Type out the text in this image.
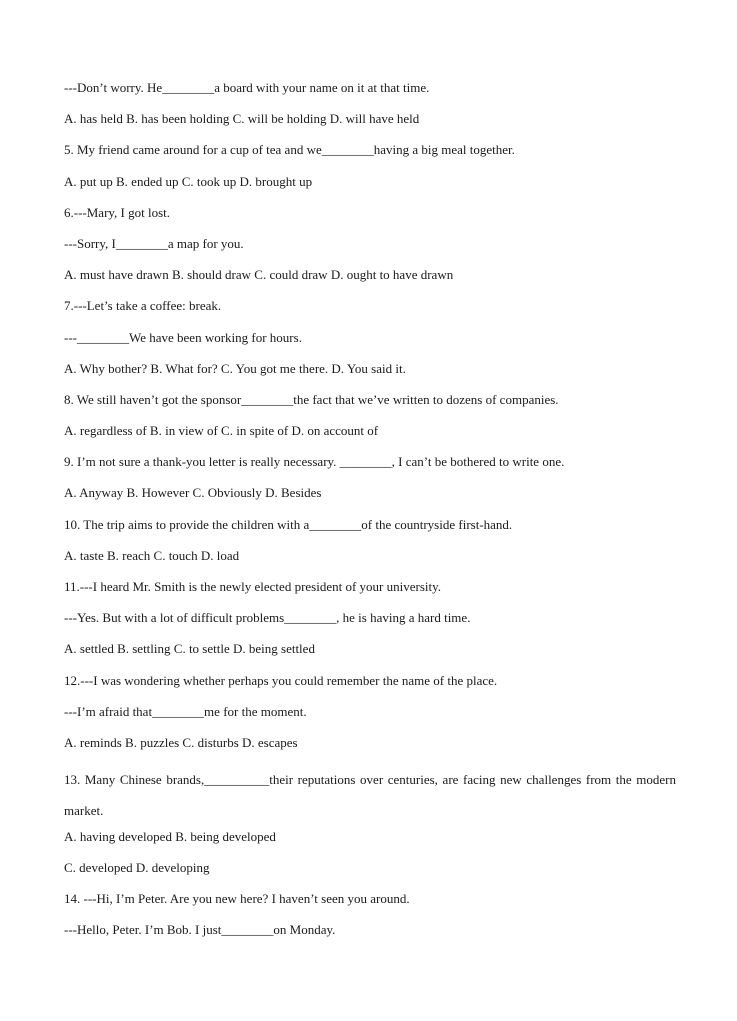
---Don’t worry. He________a board with your name on it at that time.
A. has held B. has been holding C. will be holding D. will have held
5. My friend came around for a cup of tea and we________having a big meal together.
A. put up B. ended up C. took up D. brought up
6.---Mary, I got lost.
---Sorry, I________a map for you.
A. must have drawn B. should draw C. could draw D. ought to have drawn
7.---Let’s take a coffee: break.
---________We have been working for hours.
A. Why bother? B. What for? C. You got me there. D. You said it.
8. We still haven’t got the sponsor________the fact that we’ve written to dozens of companies.
A. regardless of B. in view of C. in spite of D. on account of
9. I’m not sure a thank-you letter is really necessary. ________, I can’t be bothered to write one.
A. Anyway B. However C. Obviously D. Besides
10. The trip aims to provide the children with a________of the countryside first-hand.
A. taste B. reach C. touch D. load
11.---I heard Mr. Smith is the newly elected president of your university.
---Yes. But with a lot of difficult problems________, he is having a hard time.
A. settled B. settling C. to settle D. being settled
12.---I was wondering whether perhaps you could remember the name of the place.
---I’m afraid that________me for the moment.
A. reminds B. puzzles C. disturbs D. escapes
13. Many Chinese brands,__________their reputations over centuries, are facing new challenges from the modern market.
A. having developed B. being developed
C. developed D. developing
14. ---Hi, I’m Peter. Are you new here? I haven’t seen you around.
---Hello, Peter. I’m Bob. I just________on Monday.
